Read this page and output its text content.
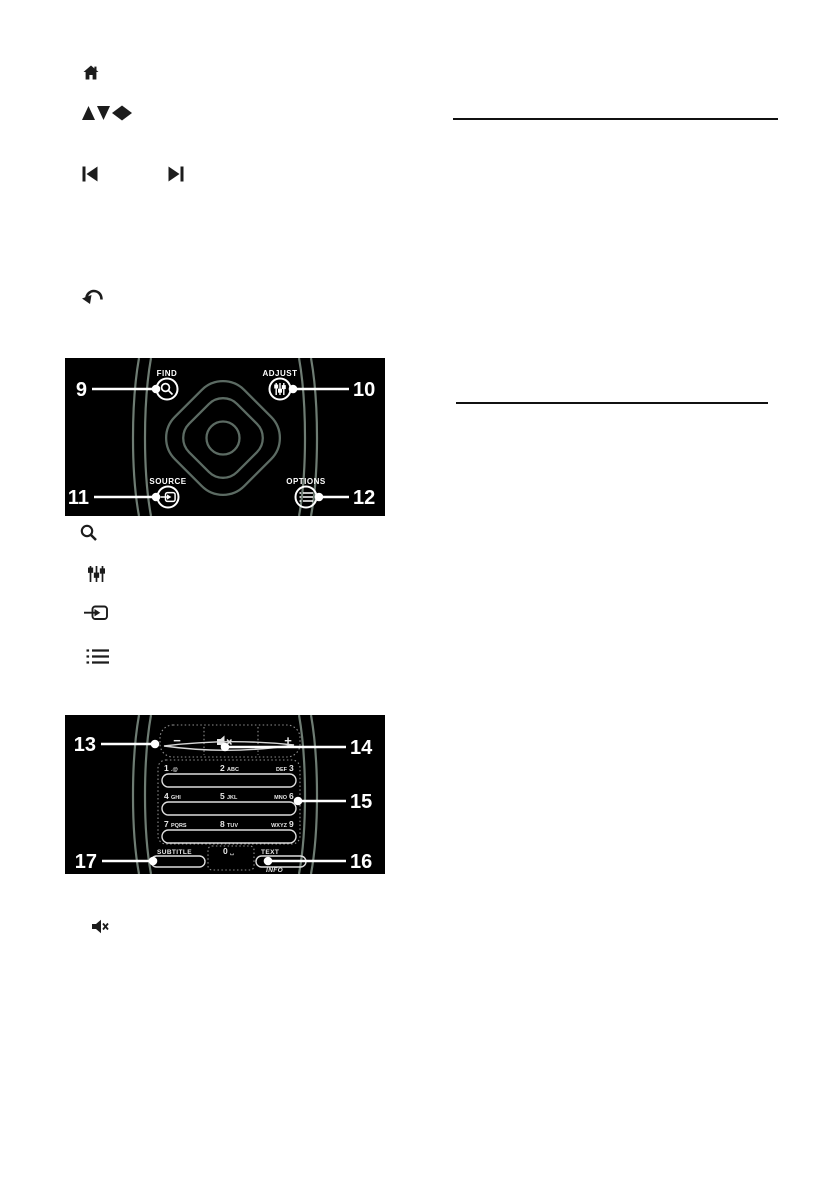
FIND
9
ADJUST
10
SOURCE
11
OPTIONS
12
−	+
1 .@	2 ABC	DEF 3
4 GHI	5 JKL	MNO 6
7 PQRS	8 TUV	WXYZ 9
SUBTITLE	0 ␣	TEXT
INFO
13	14
15
16
17
